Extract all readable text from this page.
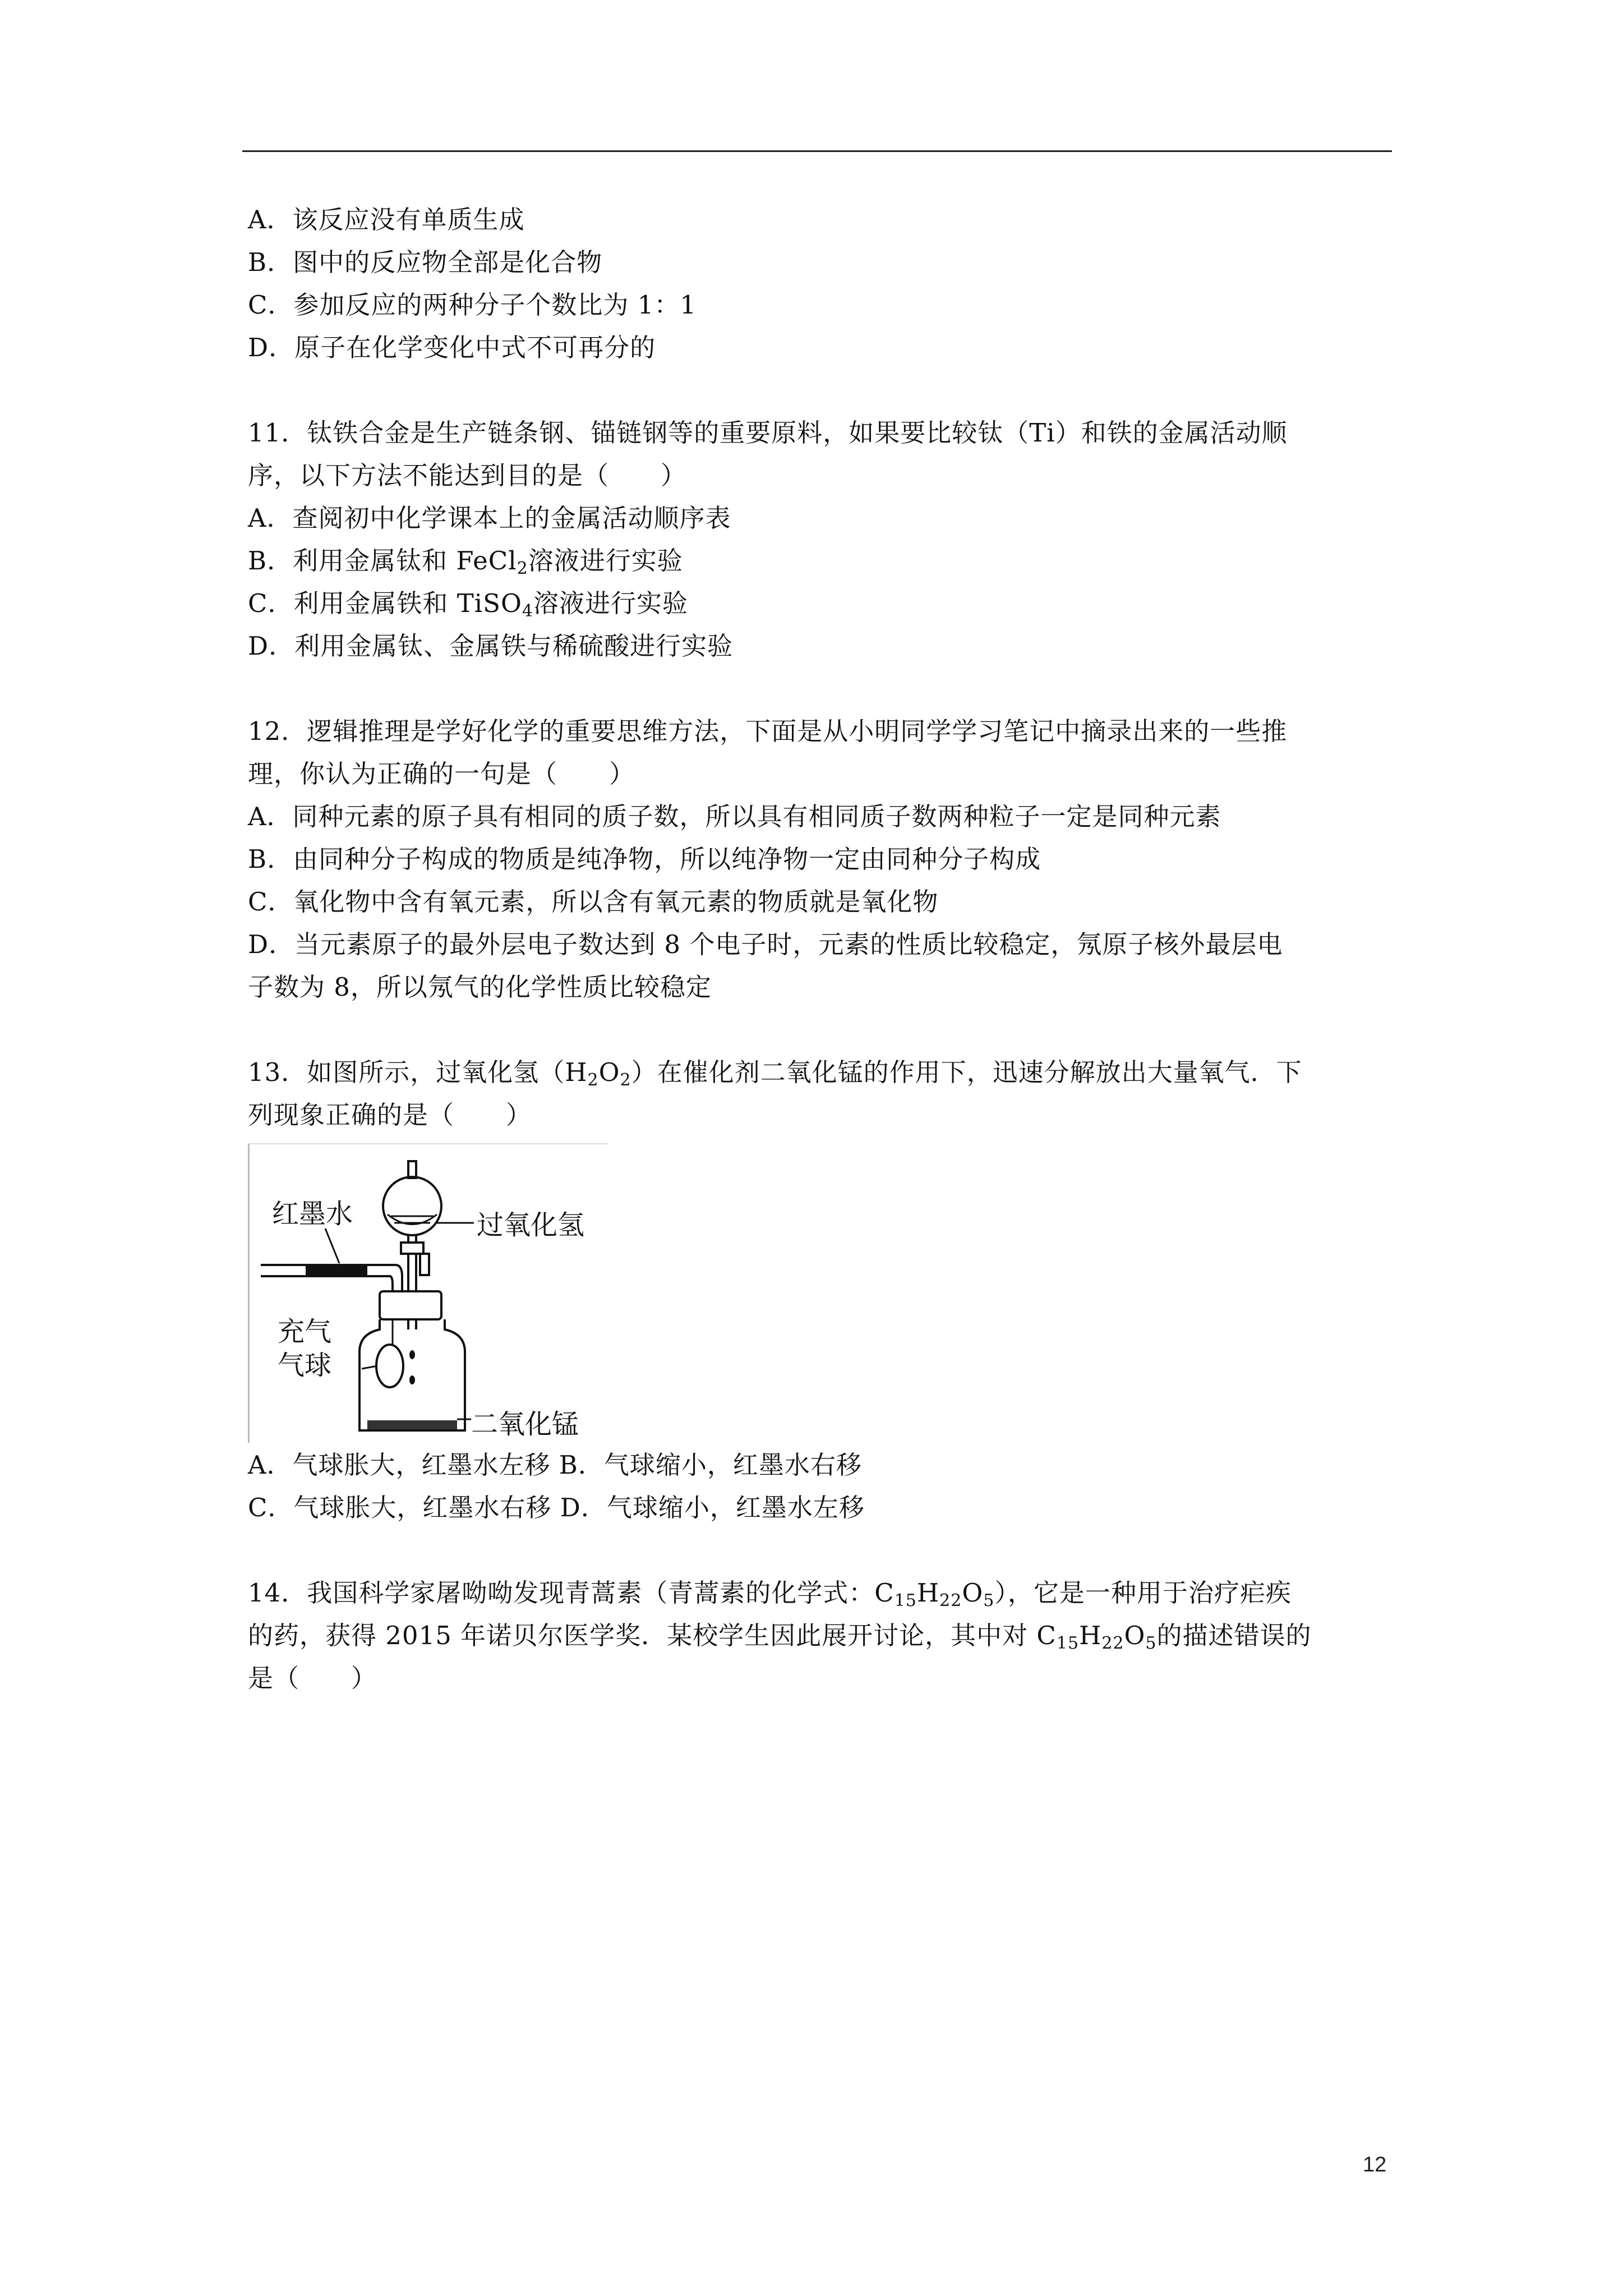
A．该反应没有单质生成
B．图中的反应物全部是化合物
C．参加反应的两种分子个数比为 1：1
D．原子在化学变化中式不可再分的
11．钛铁合金是生产链条钢、锚链钢等的重要原料，如果要比较钛（Ti）和铁的金属活动顺
序，以下方法不能达到目的是（　　）
A．查阅初中化学课本上的金属活动顺序表
B．利用金属钛和 FeCl$_2$溶液进行实验
C．利用金属铁和 TiSO$_4$溶液进行实验
D．利用金属钛、金属铁与稀硫酸进行实验
12．逻辑推理是学好化学的重要思维方法，下面是从小明同学学习笔记中摘录出来的一些推
理，你认为正确的一句是（　　）
A．同种元素的原子具有相同的质子数，所以具有相同质子数两种粒子一定是同种元素
B．由同种分子构成的物质是纯净物，所以纯净物一定由同种分子构成
C．氧化物中含有氧元素，所以含有氧元素的物质就是氧化物
D．当元素原子的最外层电子数达到 8 个电子时，元素的性质比较稳定，氖原子核外最层电
子数为 8，所以氖气的化学性质比较稳定
13．如图所示，过氧化氢$(H_2O_2)$在催化剂二氧化锰的作用下，迅速分解放出大量氧气．下
列现象正确的是（　　）
过氧化氢
红墨水
充气
气球
二氧化锰
A．气球胀大，红墨水左移 B．气球缩小，红墨水右移
C．气球胀大，红墨水右移 D．气球缩小，红墨水左移
14．我国科学家屠呦呦发现青蒿素（青蒿素的化学式：$C_{15}H_{22}O_5$），它是一种用于治疗疟疾
的药，获得 2015 年诺贝尔医学奖．某校学生因此展开讨论，其中对 $C_{15}H_{22}O_5$的描述错误的
是（　　）
12
